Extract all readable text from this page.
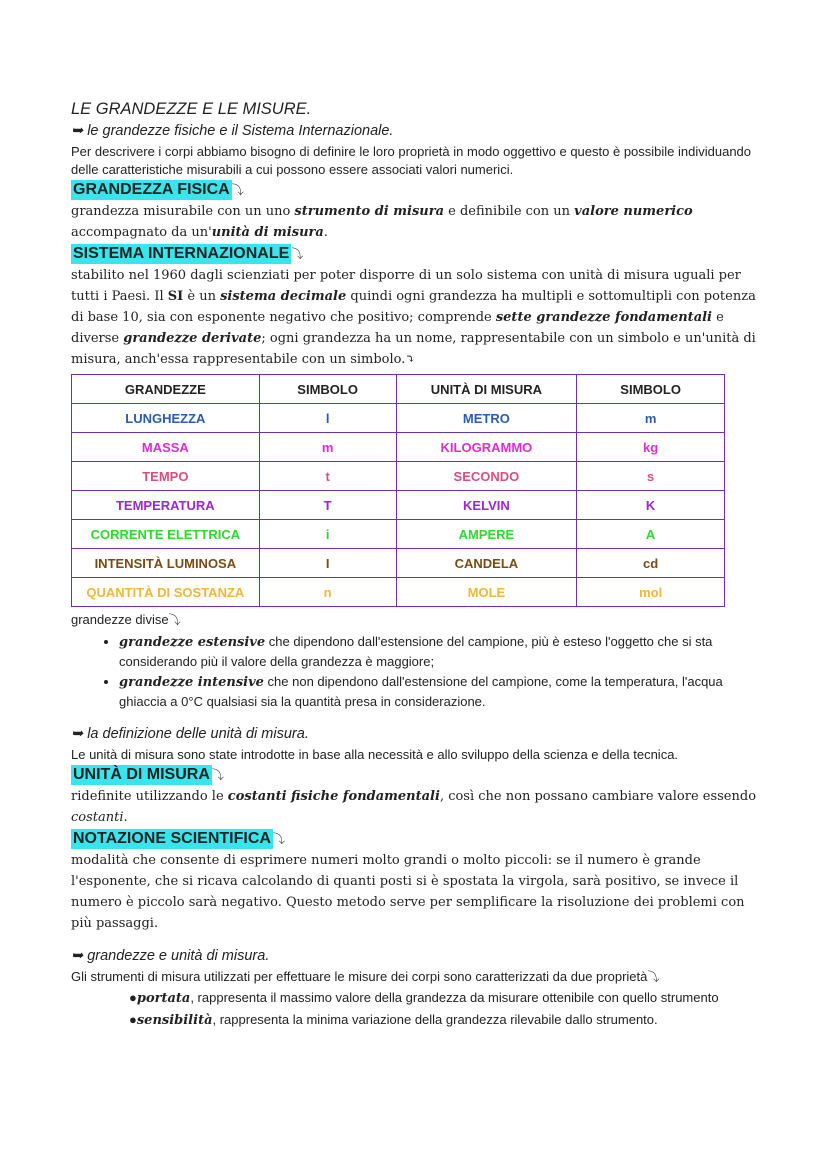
LE GRANDEZZE E LE MISURE.
➥ le grandezze fisiche e il Sistema Internazionale.

Per descrivere i corpi abbiamo bisogno di definire le loro proprietà in modo oggettivo e questo è possibile individuando delle caratteristiche misurabili a cui possono essere associati valori numerici.

GRANDEZZA FISICA ⤵

grandezza misurabile con un uno strumento di misura e definibile con un valore numerico accompagnato da un'unità di misura.

SISTEMA INTERNAZIONALE ⤵

stabilito nel 1960 dagli scienziati per poter disporre di un solo sistema con unità di misura uguali per tutti i Paesi. Il SI è un sistema decimale quindi ogni grandezza ha multipli e sottomultipli con potenza di base 10, sia con esponente negativo che positivo; comprende sette grandezze fondamentali e diverse grandezze derivate; ogni grandezza ha un nome, rappresentabile con un simbolo e un'unità di misura, anch'essa rappresentabile con un simbolo.⤵

GRANDEZZE	SIMBOLO	UNITÀ DI MISURA	SIMBOLO
LUNGHEZZA	l	METRO	m
MASSA	m	KILOGRAMMO	kg
TEMPO	t	SECONDO	s
TEMPERATURA	T	KELVIN	K
CORRENTE ELETTRICA	i	AMPERE	A
INTENSITÀ LUMINOSA	I	CANDELA	cd
QUANTITÀ DI SOSTANZA	n	MOLE	mol
grandezze divise⤵
• grandezze estensive che dipendono dall'estensione del campione, più è esteso l'oggetto che si sta considerando più il valore della grandezza è maggiore;
• grandezze intensive che non dipendono dall'estensione del campione, come la temperatura, l'acqua ghiaccia a 0°C qualsiasi sia la quantità presa in considerazione.
➥ la definizione delle unità di misura.

Le unità di misura sono state introdotte in base alla necessità e allo sviluppo della scienza e della tecnica.

UNITÀ DI MISURA ⤵

ridefinite utilizzando le costanti fisiche fondamentali, così che non possano cambiare valore essendo costanti.

NOTAZIONE SCIENTIFICA ⤵

modalità che consente di esprimere numeri molto grandi o molto piccoli: se il numero è grande l'esponente, che si ricava calcolando di quanti posti si è spostata la virgola, sarà positivo, se invece il numero è piccolo sarà negativo. Questo metodo serve per semplificare la risoluzione dei problemi con più passaggi.

➥ grandezze e unità di misura.

Gli strumenti di misura utilizzati per effettuare le misure dei corpi sono caratterizzati da due proprietà⤵

●portata, rappresenta il massimo valore della grandezza da misurare ottenibile con quello strumento
●sensibilità, rappresenta la minima variazione della grandezza rilevabile dallo strumento.
